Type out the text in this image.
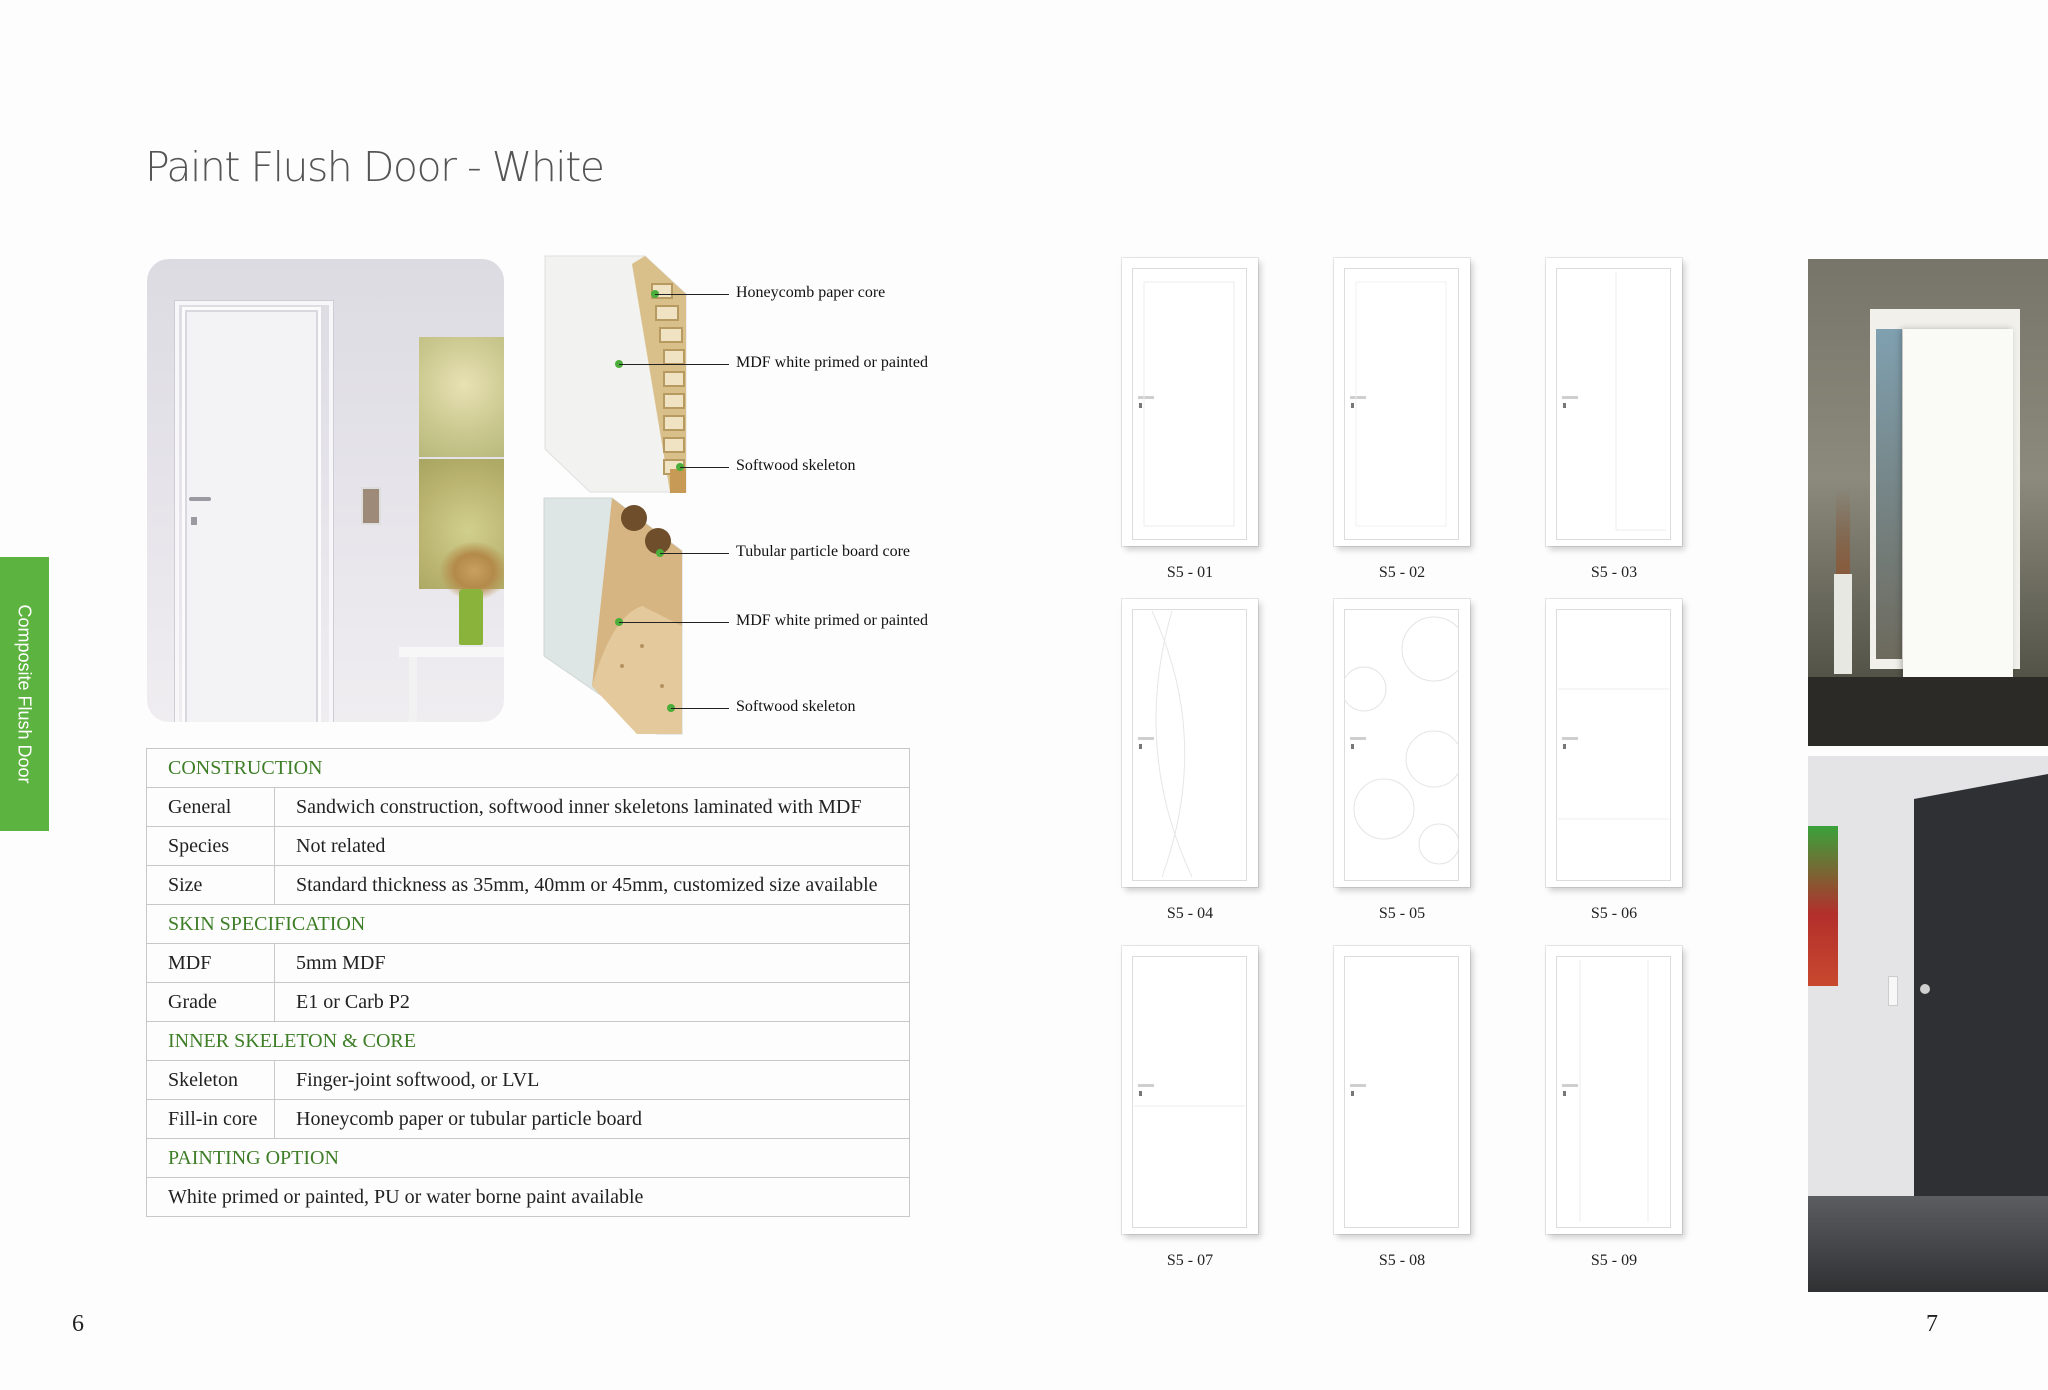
Paint Flush Door - White
Composite Flush Door
6	7
Honeycomb paper core
MDF white primed or painted
Softwood skeleton
Tubular particle board core
MDF white primed or painted
Softwood skeleton
CONSTRUCTION	
General	Sandwich construction, softwood inner skeletons laminated with MDF
Species	Not related
Size	Standard thickness as 35mm, 40mm or 45mm, customized size available
SKIN SPECIFICATION	
MDF	5mm MDF
Grade	E1 or Carb P2
INNER SKELETON & CORE	
Skeleton	Finger-joint softwood, or LVL
Fill-in core	Honeycomb paper or tubular particle board
PAINTING OPTION	
White primed or painted, PU or water borne paint available	
S5 - 01	S5 - 02	S5 - 03
S5 - 04	S5 - 05	S5 - 06
S5 - 07	S5 - 08	S5 - 09
